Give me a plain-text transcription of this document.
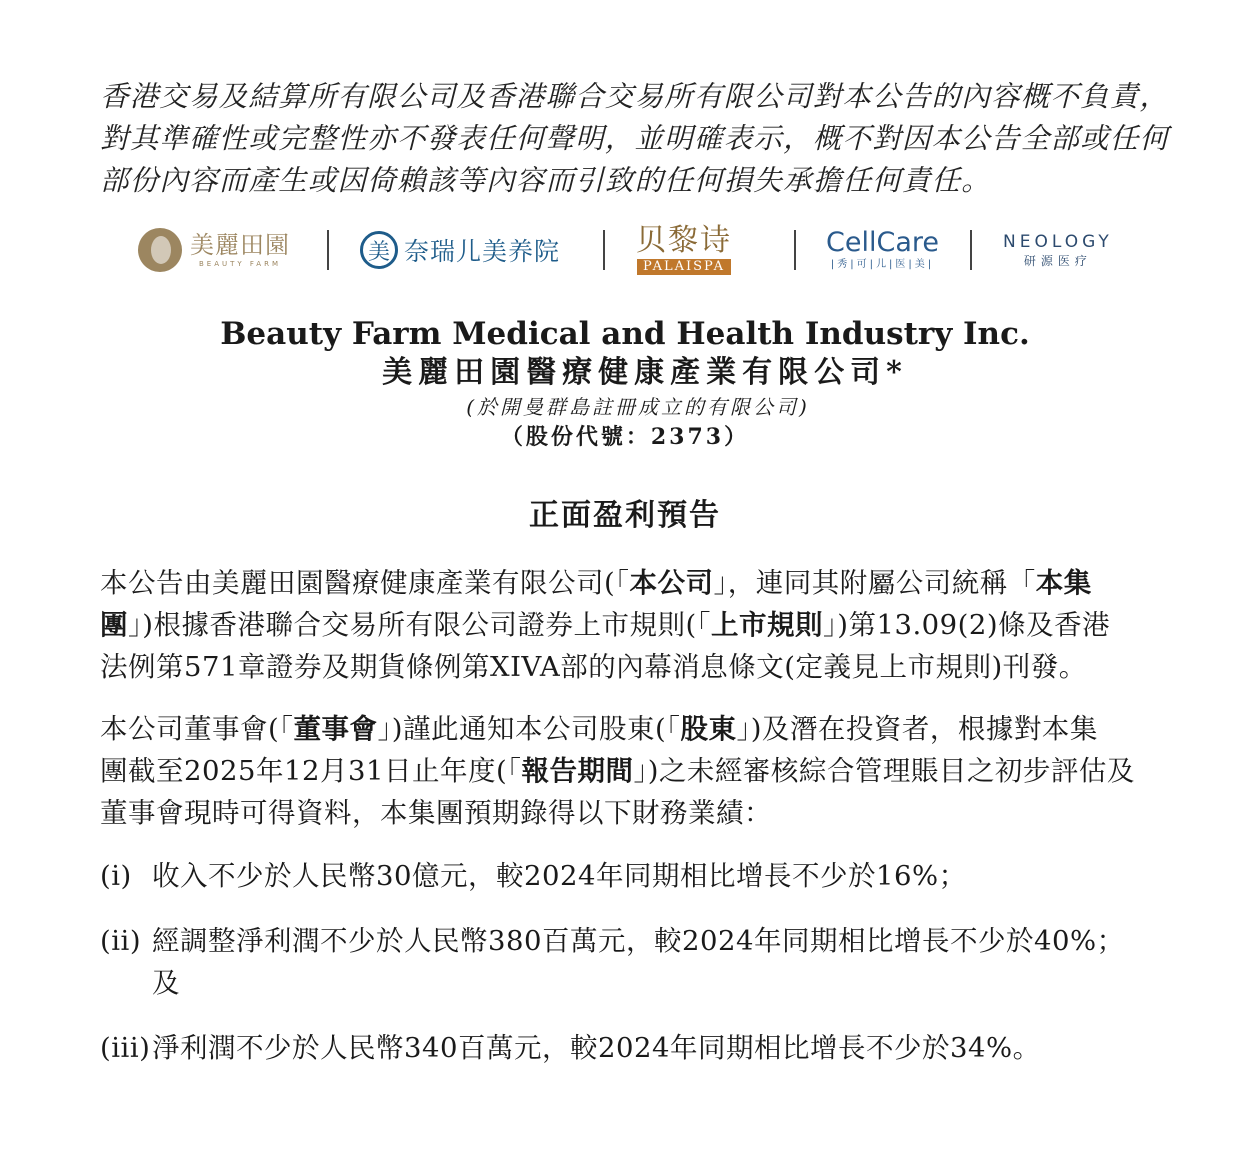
香港交易及結算所有限公司及香港聯合交易所有限公司對本公告的內容概不負責，
對其準確性或完整性亦不發表任何聲明，並明確表示，概不對因本公告全部或任何
部份內容而產生或因倚賴該等內容而引致的任何損失承擔任何責任。
美麗田園
BEAUTY FARM	美 奈瑞儿美养院	贝黎诗
PALAISPA
CellCare
|秀|可|儿|医|美|
NEOLOGY
研源医疗
Beauty Farm Medical and Health Industry Inc.
美麗田園醫療健康產業有限公司*
(於開曼群島註冊成立的有限公司)
（股份代號：2373）
正面盈利預告
本公告由美麗田園醫療健康產業有限公司(「本公司」，連同其附屬公司統稱「本集
團」)根據香港聯合交易所有限公司證券上市規則(「上市規則」)第13.09(2)條及香港
法例第571章證券及期貨條例第XIVA部的內幕消息條文(定義見上市規則)刊發。
本公司董事會(「董事會」)謹此通知本公司股東(「股東」)及潛在投資者，根據對本集
團截至2025年12月31日止年度(「報告期間」)之未經審核綜合管理賬目之初步評估及
董事會現時可得資料，本集團預期錄得以下財務業績：
(i) 收入不少於人民幣30億元，較2024年同期相比增長不少於16%；
(ii) 經調整淨利潤不少於人民幣380百萬元，較2024年同期相比增長不少於40%；
及
(iii) 淨利潤不少於人民幣340百萬元，較2024年同期相比增長不少於34%。
